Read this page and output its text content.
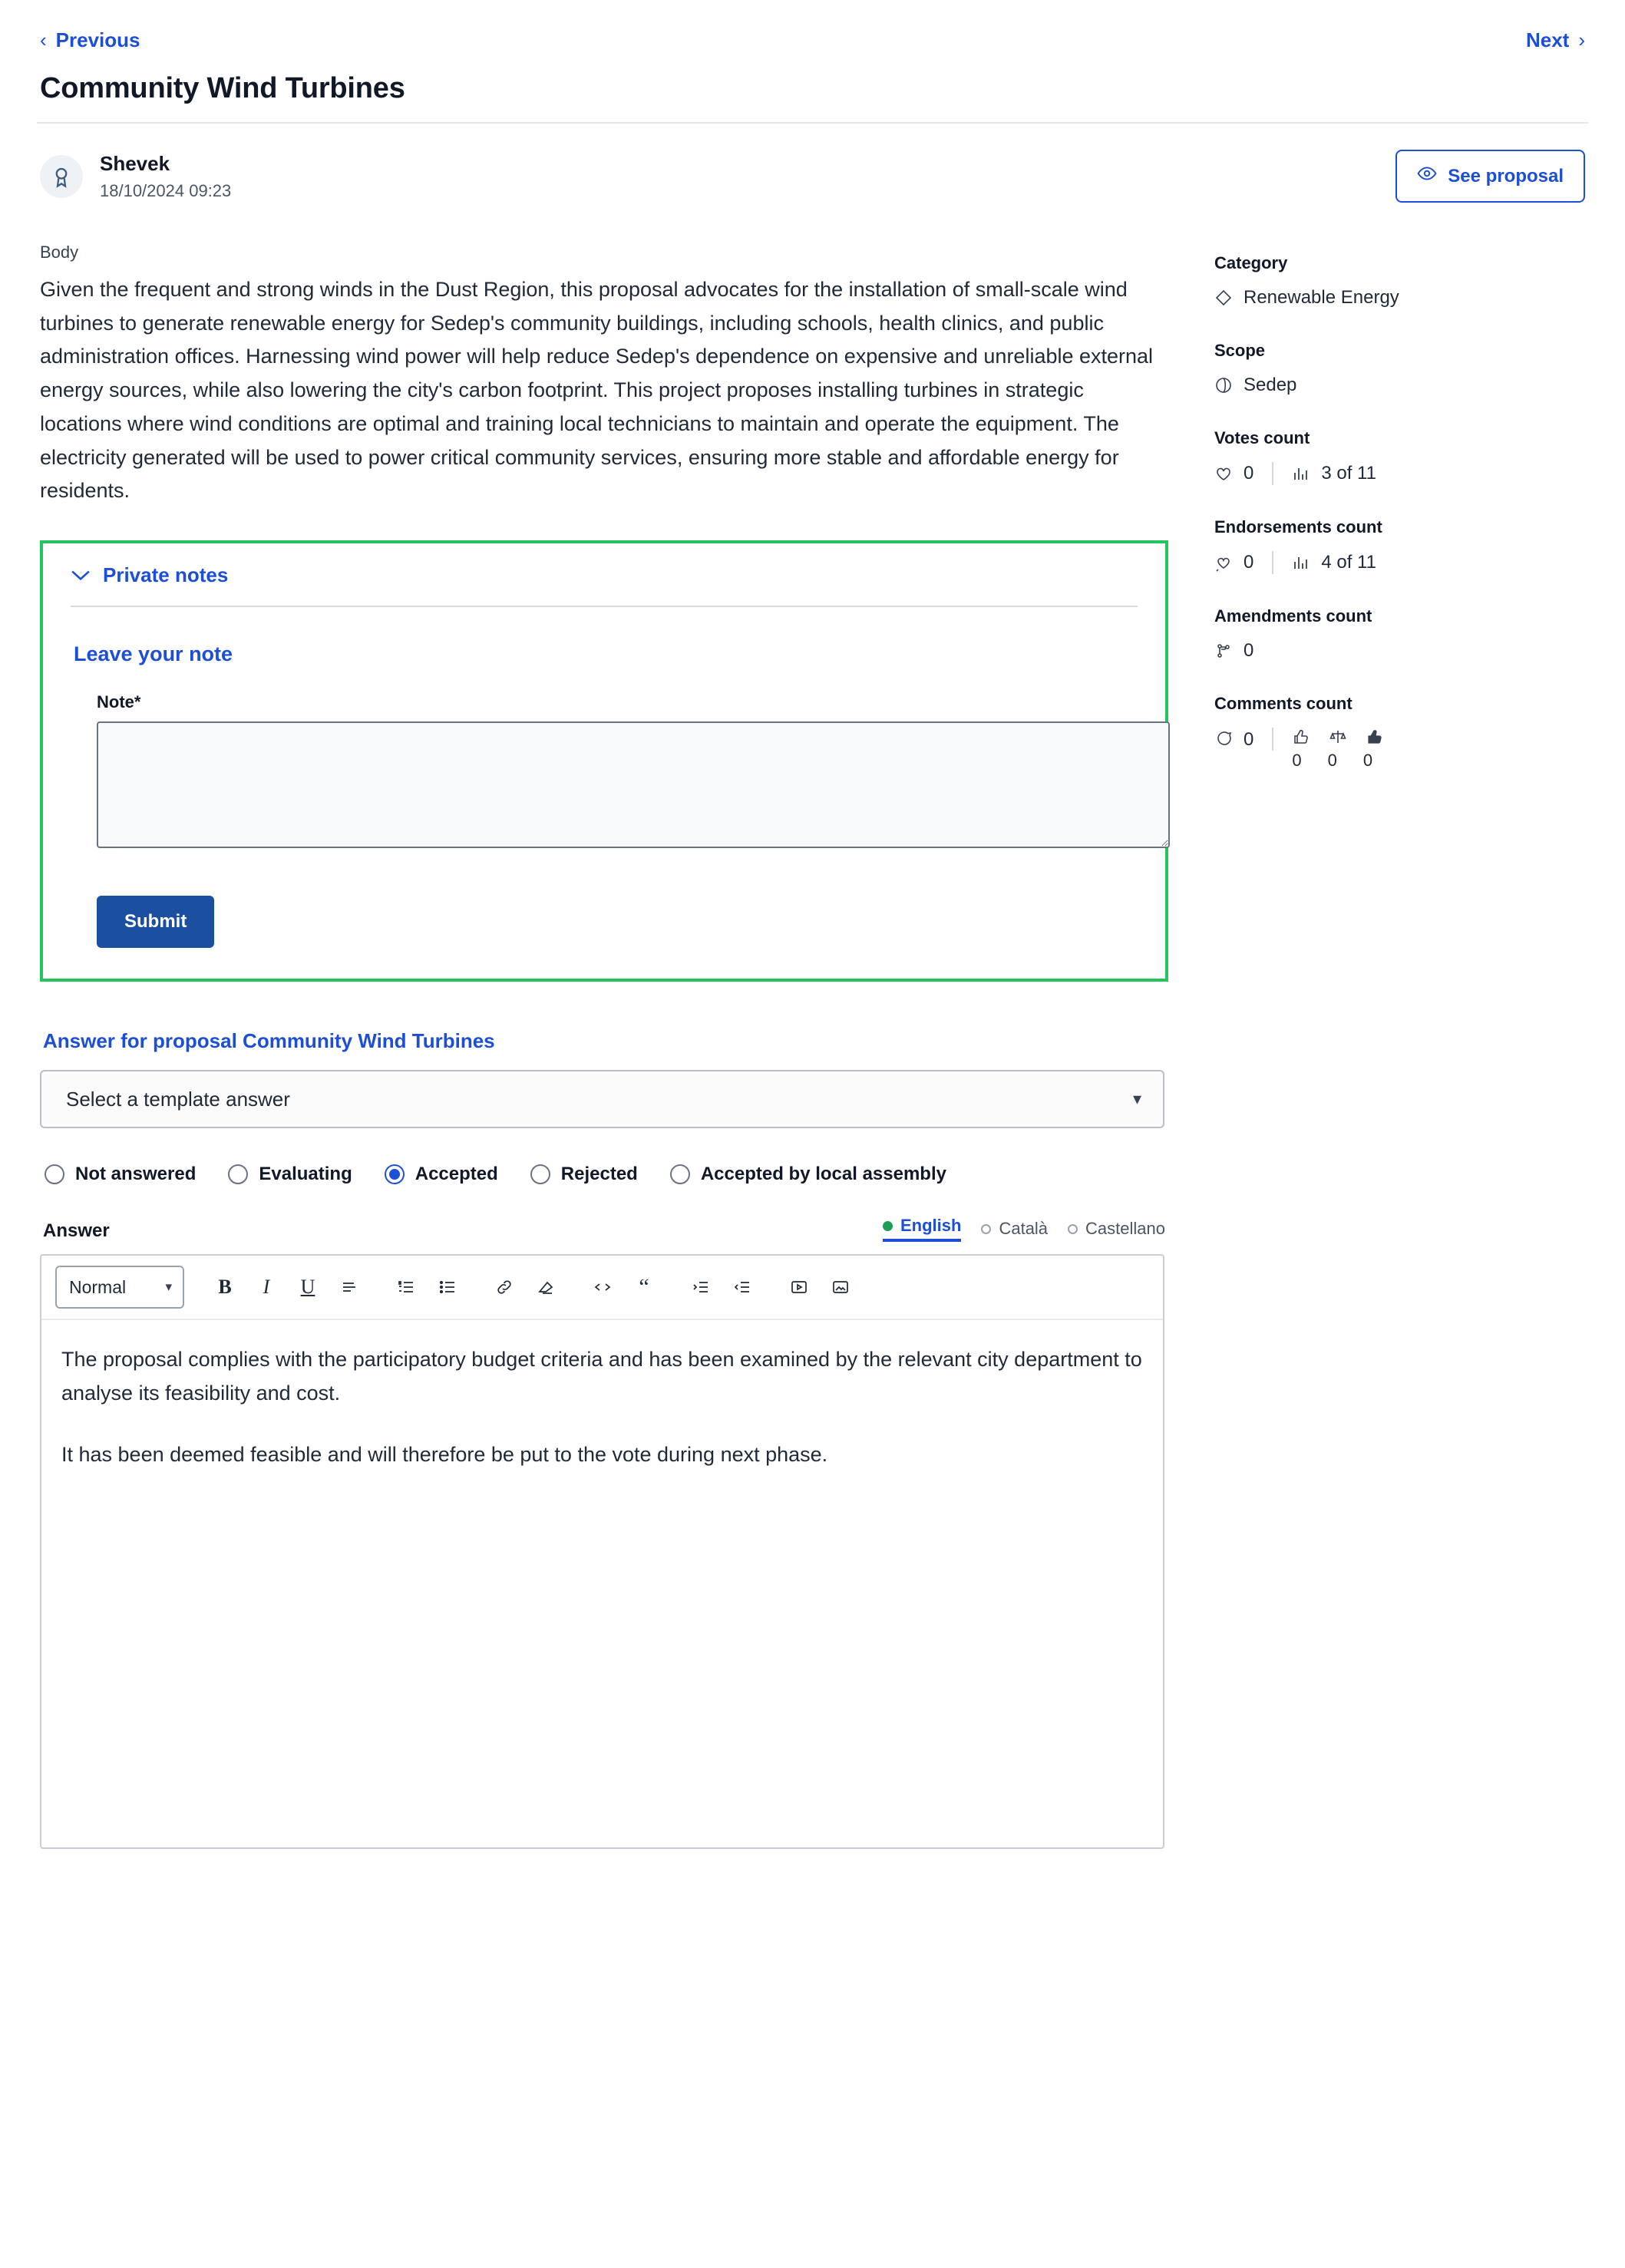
‹ Previous	Next ›
Community Wind Turbines
Shevek
18/10/2024 09:23
See proposal
Body

Given the frequent and strong winds in the Dust Region, this proposal advocates for the installation of small-scale wind turbines to generate renewable energy for Sedep's community buildings, including schools, health clinics, and public administration offices. Harnessing wind power will help reduce Sedep's dependence on expensive and unreliable external energy sources, while also lowering the city's carbon footprint. This project proposes installing turbines in strategic locations where wind conditions are optimal and training local technicians to maintain and operate the equipment. The electricity generated will be used to power critical community services, ensuring more stable and affordable energy for residents.

Private notes
Leave your note
Note*
Submit
Answer for proposal Community Wind Turbines
Select a template answer
▾
Not answered	Evaluating	Accepted	Rejected	Accepted by local assembly
Answer	English Català Castellano
Normal
▾	B	I	U	“

The proposal complies with the participatory budget criteria and has been examined by the relevant city department to analyse its feasibility and cost.

It has been deemed feasible and will therefore be put to the vote during next phase.

Category
Renewable Energy
Scope
Sedep
Votes count
0	3 of 11
Endorsements count
0	4 of 11
Amendments count
0
Comments count
0
0 0 0
